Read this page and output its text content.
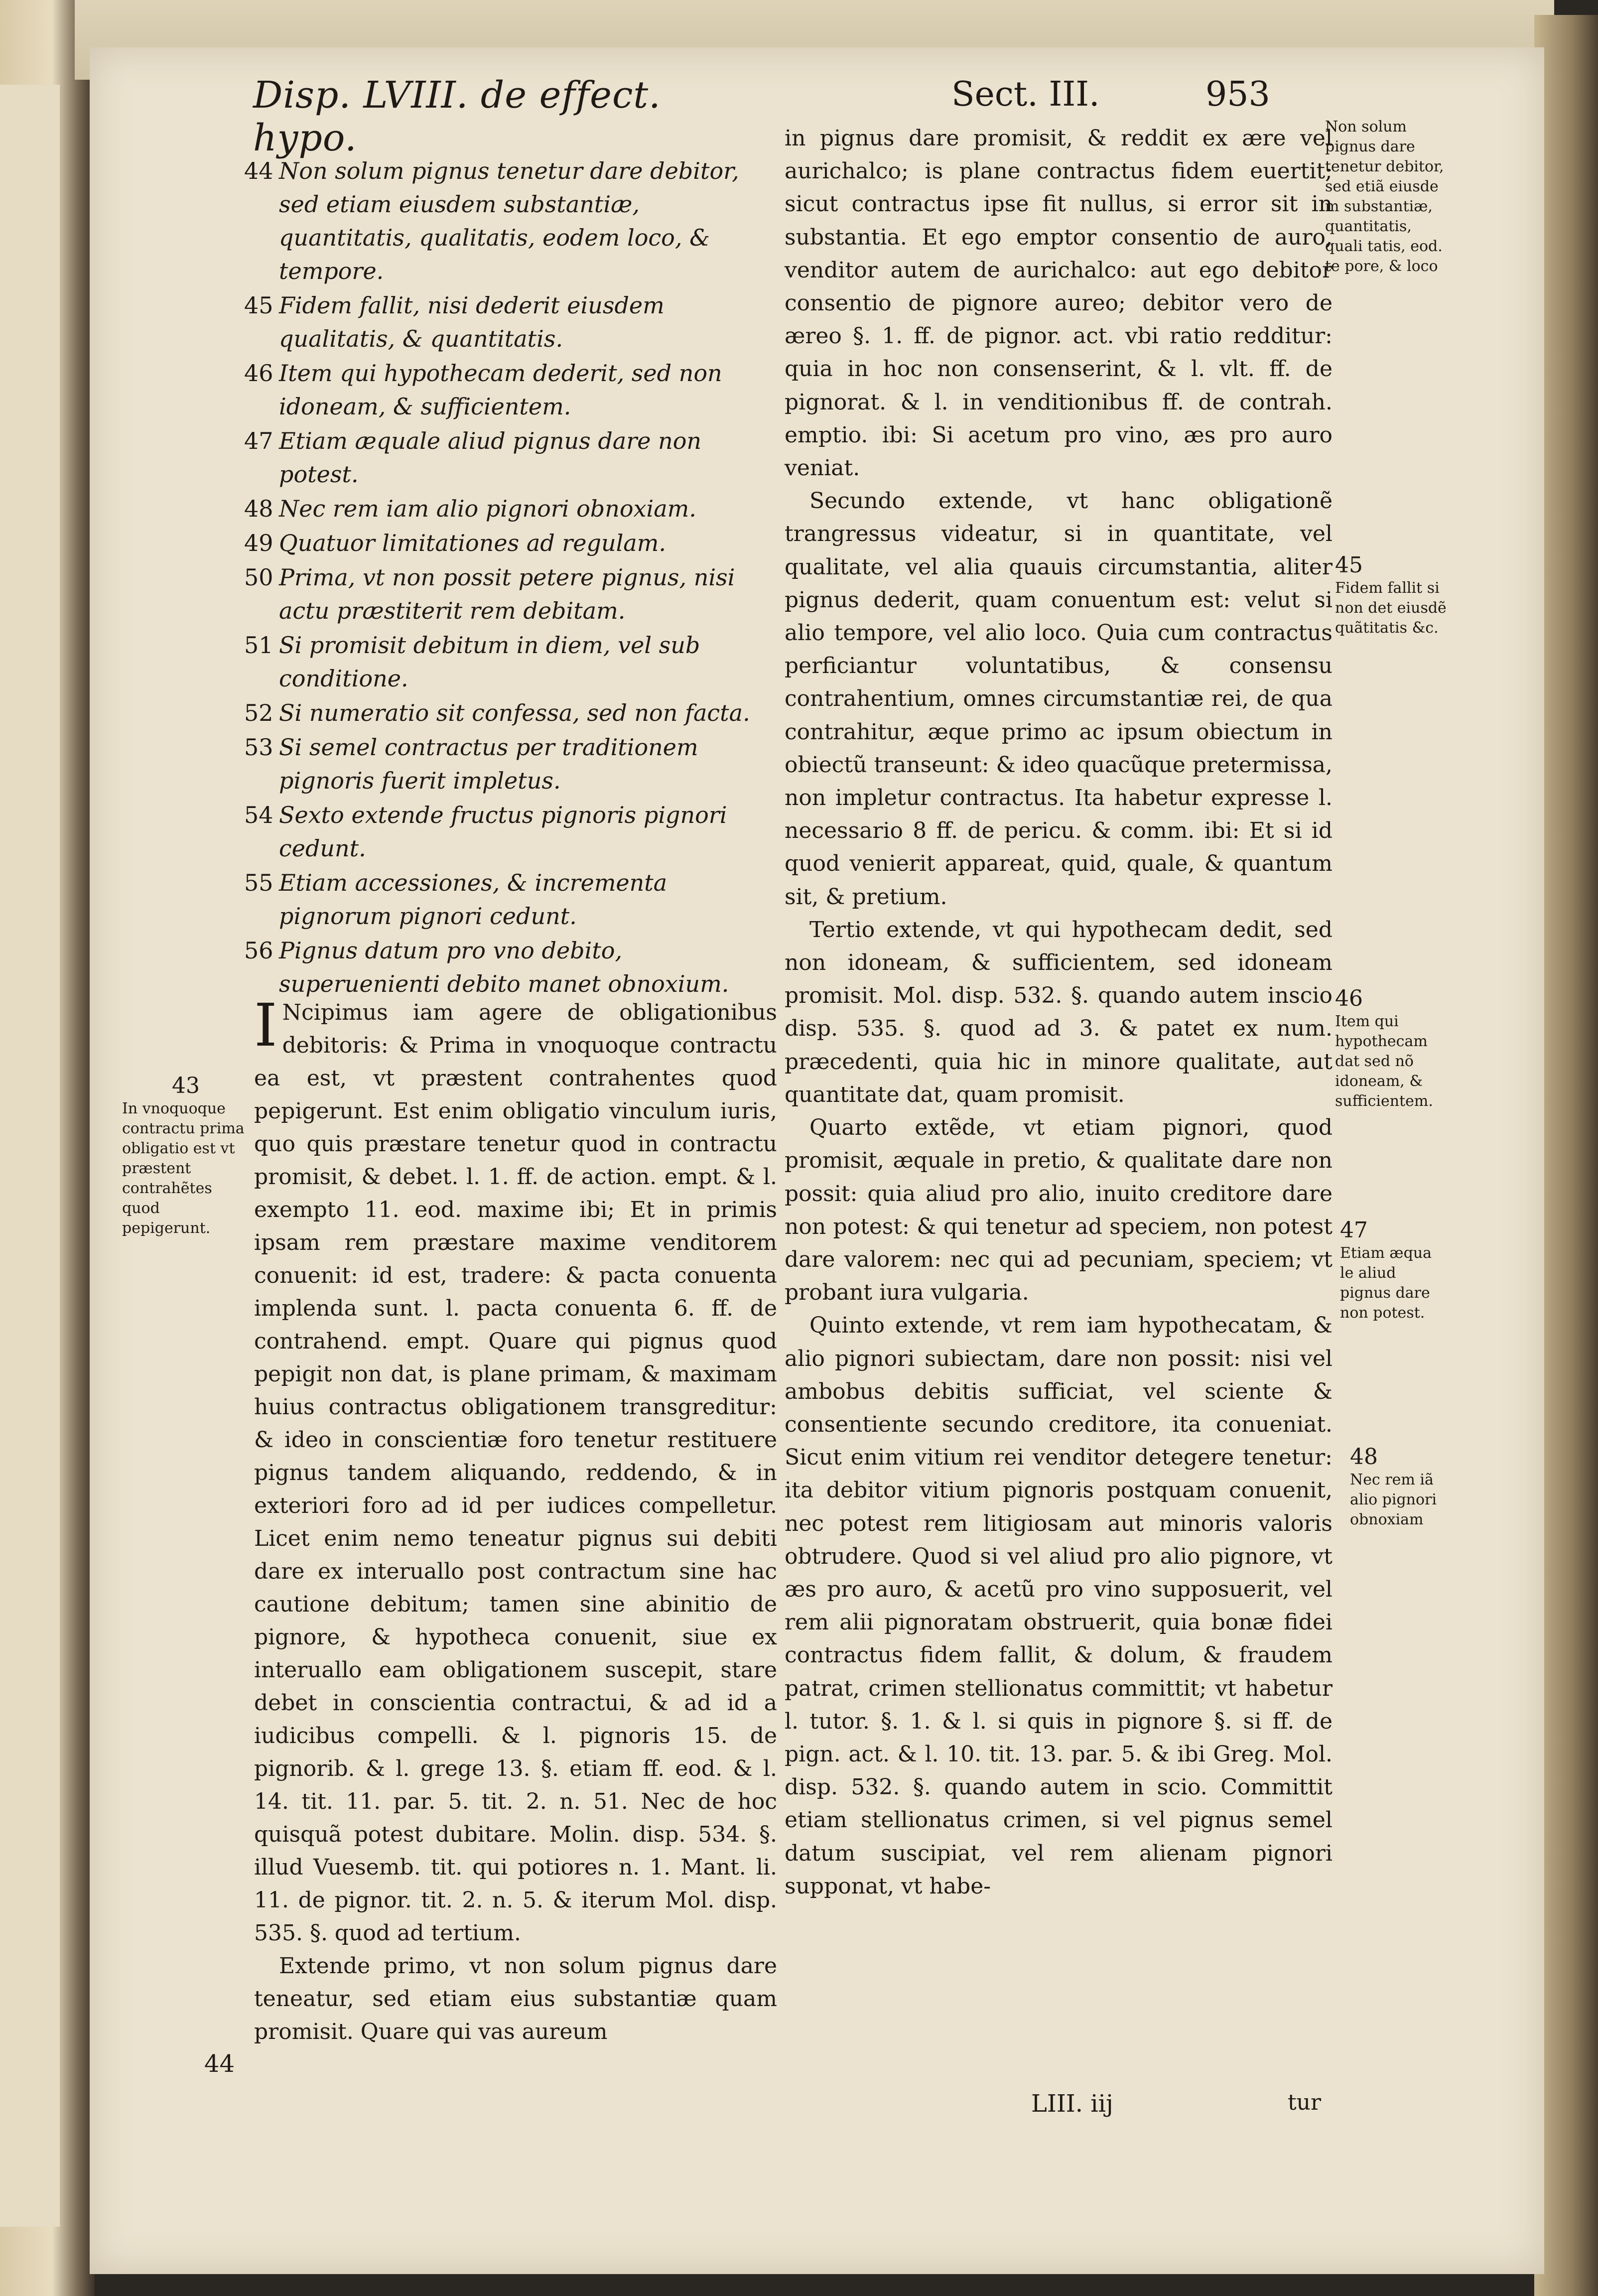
Disp. LVIII. de effect. hypo.
Sect. III.	953
44 Non solum pignus tenetur dare debitor, sed etiam eiusdem substantiæ, quantitatis, qualitatis, eodem loco, & tempore.
45 Fidem fallit, nisi dederit eiusdem qualitatis, & quantitatis.
46 Item qui hypothecam dederit, sed non idoneam, & sufficientem.
47 Etiam æquale aliud pignus dare non potest.
48 Nec rem iam alio pignori obnoxiam.
49 Quatuor limitationes ad regulam.
50 Prima, vt non possit petere pignus, nisi actu præstiterit rem debitam.
51 Si promisit debitum in diem, vel sub conditione.
52 Si numeratio sit confessa, sed non facta.
53 Si semel contractus per traditionem pignoris fuerit impletus.
54 Sexto extende fructus pignoris pignori cedunt.
55 Etiam accessiones, & incrementa pignorum pignori cedunt.
56 Pignus datum pro vno debito, superuenienti debito manet obnoxium.

I Ncipimus iam agere de obligationibus debitoris: & Prima in vnoquoque contractu ea est, vt præstent contrahentes quod pepigerunt. Est enim obligatio vinculum iuris, quo quis præstare tenetur quod in contractu promisit, & debet. l. 1. ff. de action. empt. & l. exempto 11. eod. maxime ibi; Et in primis ipsam rem præstare maxime venditorem conuenit: id est, tradere: & pacta conuenta implenda sunt. l. pacta conuenta 6. ff. de contrahend. empt. Quare qui pignus quod pepigit non dat, is plane primam, & maximam huius contractus obligationem transgreditur: & ideo in conscientiæ foro tenetur restituere pignus tandem aliquando, reddendo, & in exteriori foro ad id per iudices compelletur. Licet enim nemo teneatur pignus sui debiti dare ex interuallo post contractum sine hac cautione debitum; tamen sine abinitio de pignore, & hypotheca conuenit, siue ex interuallo eam obligationem suscepit, stare debet in conscientia contractui, & ad id a iudicibus compelli. & l. pignoris 15. de pignorib. & l. grege 13. §. etiam ff. eod. & l. 14. tit. 11. par. 5. tit. 2. n. 51. Nec de hoc quisquã potest dubitare. Molin. disp. 534. §. illud Vuesemb. tit. qui potiores n. 1. Mant. li. 11. de pignor. tit. 2. n. 5. & iterum Mol. disp. 535. §. quod ad tertium.

Extende primo, vt non solum pignus dare teneatur, sed etiam eius substantiæ quam promisit. Quare qui vas aureum

in pignus dare promisit, & reddit ex ære vel aurichalco; is plane contractus fidem euertit; sicut contractus ipse fit nullus, si error sit in substantia. Et ego emptor consentio de auro, venditor autem de aurichalco: aut ego debitor consentio de pignore aureo; debitor vero de æreo §. 1. ff. de pignor. act. vbi ratio redditur: quia in hoc non consenserint, & l. vlt. ff. de pignorat. & l. in venditionibus ff. de contrah. emptio. ibi: Si acetum pro vino, æs pro auro veniat.

Secundo extende, vt hanc obligationẽ trangressus videatur, si in quantitate, vel qualitate, vel alia quauis circumstantia, aliter pignus dederit, quam conuentum est: velut si alio tempore, vel alio loco. Quia cum contractus perficiantur voluntatibus, & consensu contrahentium, omnes circumstantiæ rei, de qua contrahitur, æque primo ac ipsum obiectum in obiectũ transeunt: & ideo quacũque pretermissa, non impletur contractus. Ita habetur expresse l. necessario 8 ff. de pericu. & comm. ibi: Et si id quod venierit appareat, quid, quale, & quantum sit, & pretium.

Tertio extende, vt qui hypothecam dedit, sed non idoneam, & sufficientem, sed idoneam promisit. Mol. disp. 532. §. quando autem inscio disp. 535. §. quod ad 3. & patet ex num. præcedenti, quia hic in minore qualitate, aut quantitate dat, quam promisit.

Quarto extẽde, vt etiam pignori, quod promisit, æquale in pretio, & qualitate dare non possit: quia aliud pro alio, inuito creditore dare non potest: & qui tenetur ad speciem, non potest dare valorem: nec qui ad pecuniam, speciem; vt probant iura vulgaria.

Quinto extende, vt rem iam hypothecatam, & alio pignori subiectam, dare non possit: nisi vel ambobus debitis sufficiat, vel sciente & consentiente secundo creditore, ita conueniat. Sicut enim vitium rei venditor detegere tenetur: ita debitor vitium pignoris postquam conuenit, nec potest rem litigiosam aut minoris valoris obtrudere. Quod si vel aliud pro alio pignore, vt æs pro auro, & acetũ pro vino supposuerit, vel rem alii pignoratam obstruerit, quia bonæ fidei contractus fidem fallit, & dolum, & fraudem patrat, crimen stellionatus committit; vt habetur l. tutor. §. 1. & l. si quis in pignore §. si ff. de pign. act. & l. 10. tit. 13. par. 5. & ibi Greg. Mol. disp. 532. §. quando autem in scio. Committit etiam stellionatus crimen, si vel pignus semel datum suscipiat, vel rem alienam pignori supponat, vt habe-

Non solum pignus dare tenetur debitor, sed etiã eiusde m substantiæ, quantitatis, quali tatis, eod. te pore, & loco
45
Fidem fallit si non det eiusdẽ quãtitatis &c.
46
Item qui hypothecam dat sed nõ idoneam, & sufficientem.
47
Etiam æqua le aliud pignus dare non potest.
48
Nec rem iã alio pignori obnoxiam
43
In vnoquoque contractu prima obligatio est vt præstent contrahẽtes quod pepigerunt.
44
LIII. iij	tur
